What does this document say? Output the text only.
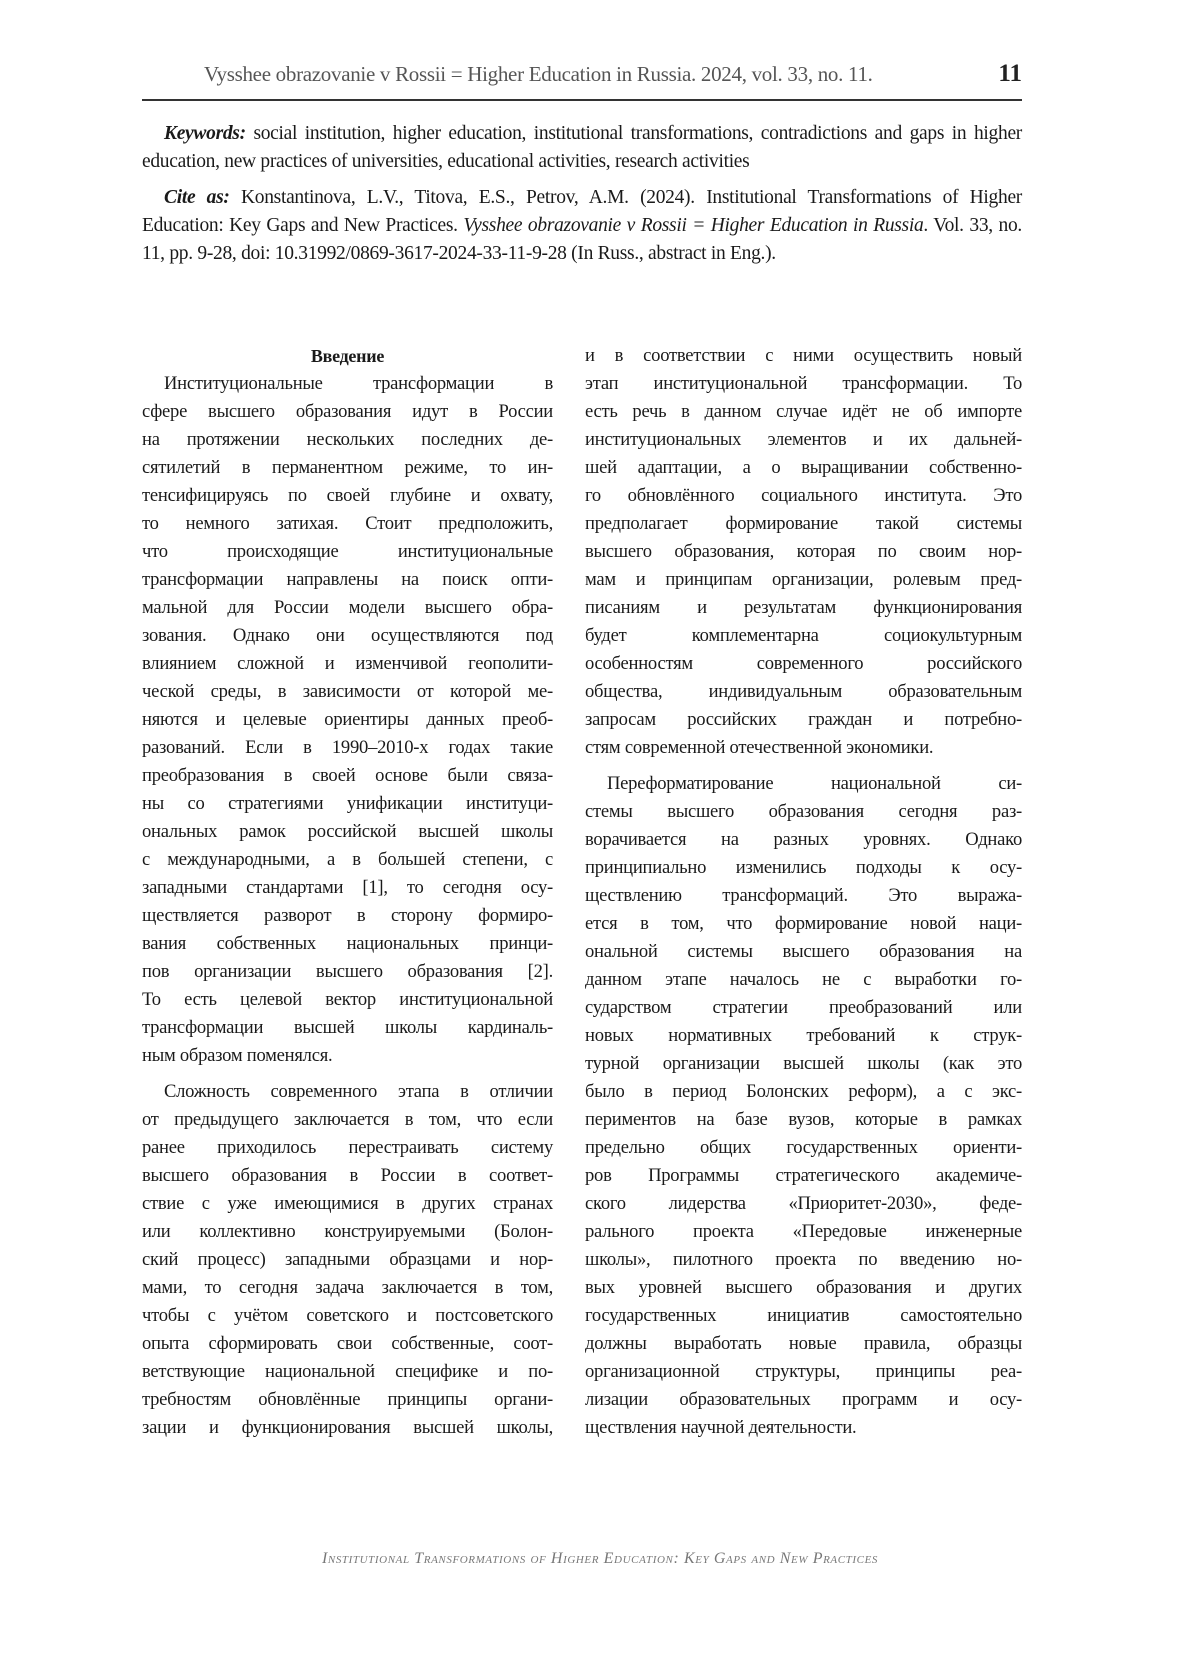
Vysshee obrazovanie v Rossii = Higher Education in Russia. 2024, vol. 33, no. 11.	11

Keywords: social institution, higher education, institutional transformations, contradictions and gaps in higher education, new practices of universities, educational activities, research activities

Cite as: Konstantinova, L.V., Titova, E.S., Petrov, A.M. (2024). Institutional Transformations of Higher Education: Key Gaps and New Practices. Vysshee obrazovanie v Rossii = Higher Education in Russia. Vol. 33, no. 11, pp. 9-28, doi: 10.31992/0869-3617-2024-33-11-9-28 (In Russ., abstract in Eng.).

Введение
Институциональные трансформации в
сфере высшего образования идут в России
на протяжении нескольких последних де-
сятилетий в перманентном режиме, то ин-
тенсифицируясь по своей глубине и охвату,
то немного затихая. Стоит предположить,
что происходящие институциональные
трансформации направлены на поиск опти-
мальной для России модели высшего обра-
зования. Однако они осуществляются под
влиянием сложной и изменчивой геополити-
ческой среды, в зависимости от которой ме-
няются и целевые ориентиры данных преоб-
разований. Если в 1990–2010-х годах такие
преобразования в своей основе были связа-
ны со стратегиями унификации институци-
ональных рамок российской высшей школы
с международными, а в большей степени, с
западными стандартами [1], то сегодня осу-
ществляется разворот в сторону формиро-
вания собственных национальных принци-
пов организации высшего образования [2].
То есть целевой вектор институциональной
трансформации высшей школы кардиналь-
ным образом поменялся.
Сложность современного этапа в отличии
от предыдущего заключается в том, что если
ранее приходилось перестраивать систему
высшего образования в России в соответ-
ствие с уже имеющимися в других странах
или коллективно конструируемыми (Болон-
ский процесс) западными образцами и нор-
мами, то сегодня задача заключается в том,
чтобы с учётом советского и постсоветского
опыта сформировать свои собственные, соот-
ветствующие национальной специфике и по-
требностям обновлённые принципы органи-
зации и функционирования высшей школы,
и в соответствии с ними осуществить новый
этап институциональной трансформации. То
есть речь в данном случае идёт не об импорте
институциональных элементов и их дальней-
шей адаптации, а о выращивании собственно-
го обновлённого социального института. Это
предполагает формирование такой системы
высшего образования, которая по своим нор-
мам и принципам организации, ролевым пред-
писаниям и результатам функционирования
будет комплементарна социокультурным
особенностям современного российского
общества, индивидуальным образовательным
запросам российских граждан и потребно-
стям современной отечественной экономики.
Переформатирование национальной си-
стемы высшего образования сегодня раз-
ворачивается на разных уровнях. Однако
принципиально изменились подходы к осу-
ществлению трансформаций. Это выража-
ется в том, что формирование новой наци-
ональной системы высшего образования на
данном этапе началось не с выработки го-
сударством стратегии преобразований или
новых нормативных требований к струк-
турной организации высшей школы (как это
было в период Болонских реформ), а с экс-
периментов на базе вузов, которые в рамках
предельно общих государственных ориенти-
ров Программы стратегического академиче-
ского лидерства «Приоритет-2030», феде-
рального проекта «Передовые инженерные
школы», пилотного проекта по введению но-
вых уровней высшего образования и других
государственных инициатив самостоятельно
должны выработать новые правила, образцы
организационной структуры, принципы реа-
лизации образовательных программ и осу-
ществления научной деятельности.
Institutional Transformations of Higher Education: Key Gaps and New Practices
